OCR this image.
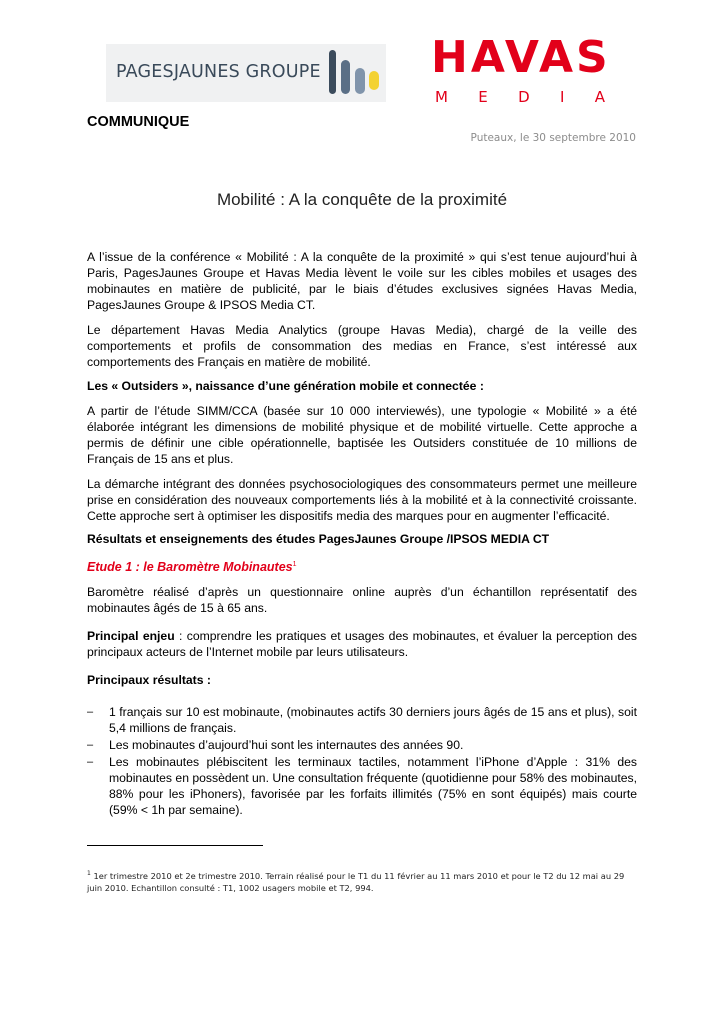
PAGESJAUNES GROUPE	HAVAS
M E D I A
COMMUNIQUE
Puteaux, le 30 septembre 2010
Mobilité : A la conquête de la proximité

A l’issue de la conférence « Mobilité : A la conquête de la proximité » qui s’est tenue aujourd’hui à Paris, PagesJaunes Groupe et Havas Media lèvent le voile sur les cibles mobiles et usages des mobinautes en matière de publicité, par le biais d’études exclusives signées Havas Media, PagesJaunes Groupe & IPSOS Media CT.

Le département Havas Media Analytics (groupe Havas Media), chargé de la veille des comportements et profils de consommation des medias en France, s’est intéressé aux comportements des Français en matière de mobilité.

Les « Outsiders », naissance d’une génération mobile et connectée :

A partir de l’étude SIMM/CCA (basée sur 10 000 interviewés), une typologie « Mobilité » a été élaborée intégrant les dimensions de mobilité physique et de mobilité virtuelle. Cette approche a permis de définir une cible opérationnelle, baptisée les Outsiders constituée de 10 millions de Français de 15 ans et plus.

La démarche intégrant des données psychosociologiques des consommateurs permet une meilleure prise en considération des nouveaux comportements liés à la mobilité et à la connectivité croissante. Cette approche sert à optimiser les dispositifs media des marques pour en augmenter l’efficacité.

Résultats et enseignements des études PagesJaunes Groupe /IPSOS MEDIA CT

Etude 1 : le Baromètre Mobinautes$^1$

Baromètre réalisé d’après un questionnaire online auprès d’un échantillon représentatif des mobinautes âgés de 15 à 65 ans.

Principal enjeu : comprendre les pratiques et usages des mobinautes, et évaluer la perception des principaux acteurs de l’Internet mobile par leurs utilisateurs.

Principaux résultats :

– 1 français sur 10 est mobinaute, (mobinautes actifs 30 derniers jours âgés de 15 ans et plus), soit 5,4 millions de français.
– Les mobinautes d’aujourd’hui sont les internautes des années 90.
– Les mobinautes plébiscitent les terminaux tactiles, notamment l’iPhone d’Apple : 31% des mobinautes en possèdent un. Une consultation fréquente (quotidienne pour 58% des mobinautes, 88% pour les iPhoners), favorisée par les forfaits illimités (75% en sont équipés) mais courte (59% < 1h par semaine).
$^1$ 1er trimestre 2010 et 2e trimestre 2010. Terrain réalisé pour le T1 du 11 février au 11 mars 2010 et pour le T2 du 12 mai au 29 juin 2010. Echantillon consulté : T1, 1002 usagers mobile et T2, 994.
